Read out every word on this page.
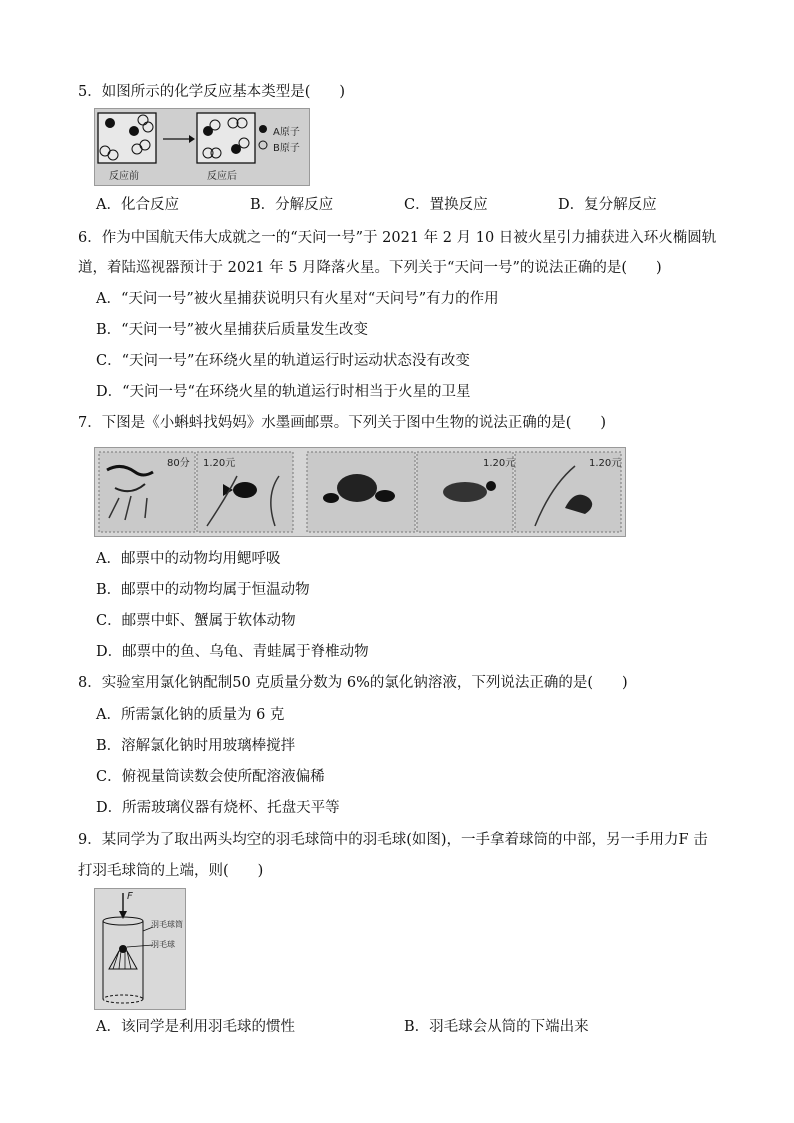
5．如图所示的化学反应基本类型是(　　)
A原子
B原子
反应前	反应后
A．化合反应	B．分解反应	C．置换反应	D．复分解反应
6．作为中国航天伟大成就之一的“天问一号”于 2021 年 2 月 10 日被火星引力捕获进入环火椭圆轨
道，着陆巡视器预计于 2021 年 5 月降落火星。下列关于“天问一号”的说法正确的是(　　)
A．“天问一号”被火星捕获说明只有火星对“天问号”有力的作用
B．“天问一号”被火星捕获后质量发生改变
C．“天问一号”在环绕火星的轨道运行时运动状态没有改变
D．“天问一号“在环绕火星的轨道运行时相当于火星的卫星
7．下图是《小蝌蚪找妈妈》水墨画邮票。下列关于图中生物的说法正确的是(　　)
80分 1.20元	1.20元	1.20元
A．邮票中的动物均用鳃呼吸
B．邮票中的动物均属于恒温动物
C．邮票中虾、蟹属于软体动物
D．邮票中的鱼、乌龟、青蛙属于脊椎动物
8．实验室用氯化钠配制50 克质量分数为 6%的氯化钠溶液，下列说法正确的是(　　)
A．所需氯化钠的质量为 6 克
B．溶解氯化钠时用玻璃棒搅拌
C．俯视量筒读数会使所配溶液偏稀
D．所需玻璃仪器有烧杯、托盘天平等
9．某同学为了取出两头均空的羽毛球筒中的羽毛球(如图)，一手拿着球筒的中部，另一手用力F 击
打羽毛球筒的上端，则(　　)
F
羽毛球筒
羽毛球
A．该同学是利用羽毛球的惯性	B．羽毛球会从筒的下端出来
